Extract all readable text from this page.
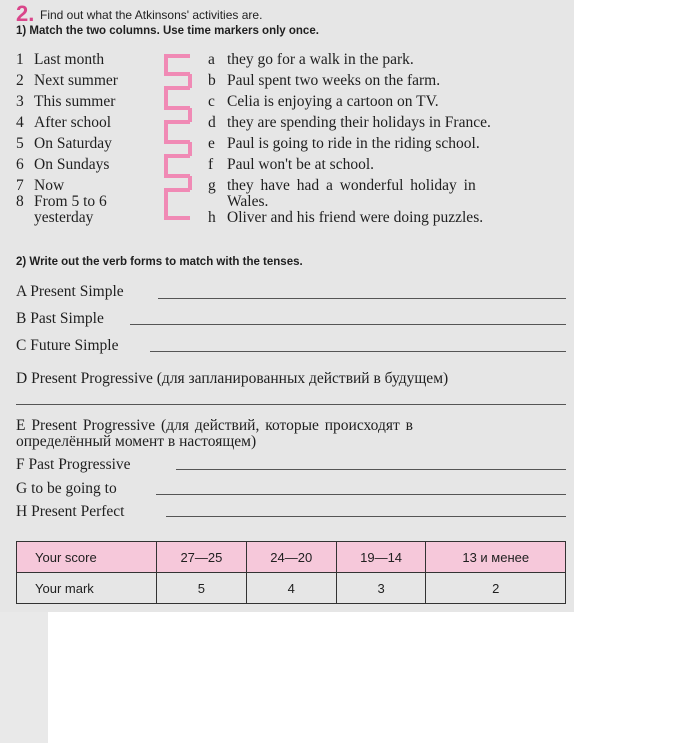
2. Find out what the Atkinsons' activities are.
1) Match the two columns. Use time markers only once.
1 Last month
2 Next summer
3 This summer
4 After school
5 On Saturday
6 On Sundays
7 Now
8 From 5 to 6
yesterday
a they go for a walk in the park.
b Paul spent two weeks on the farm.
c Celia is enjoying a cartoon on TV.
d they are spending their holidays in France.
e Paul is going to ride in the riding school.
f Paul won't be at school.
g they have had a wonderful holiday in
Wales.
h Oliver and his friend were doing puzzles.
2) Write out the verb forms to match with the tenses.
A Present Simple
B Past Simple
C Future Simple
D Present Progressive (для запланированных действий в будущем)
E Present Progressive (для действий, которые происходят в
определённый момент в настоящем)
F Past Progressive
G to be going to
H Present Perfect
Your score	27—25	24—20	19—14	13 и менее
Your mark	5	4	3	2
